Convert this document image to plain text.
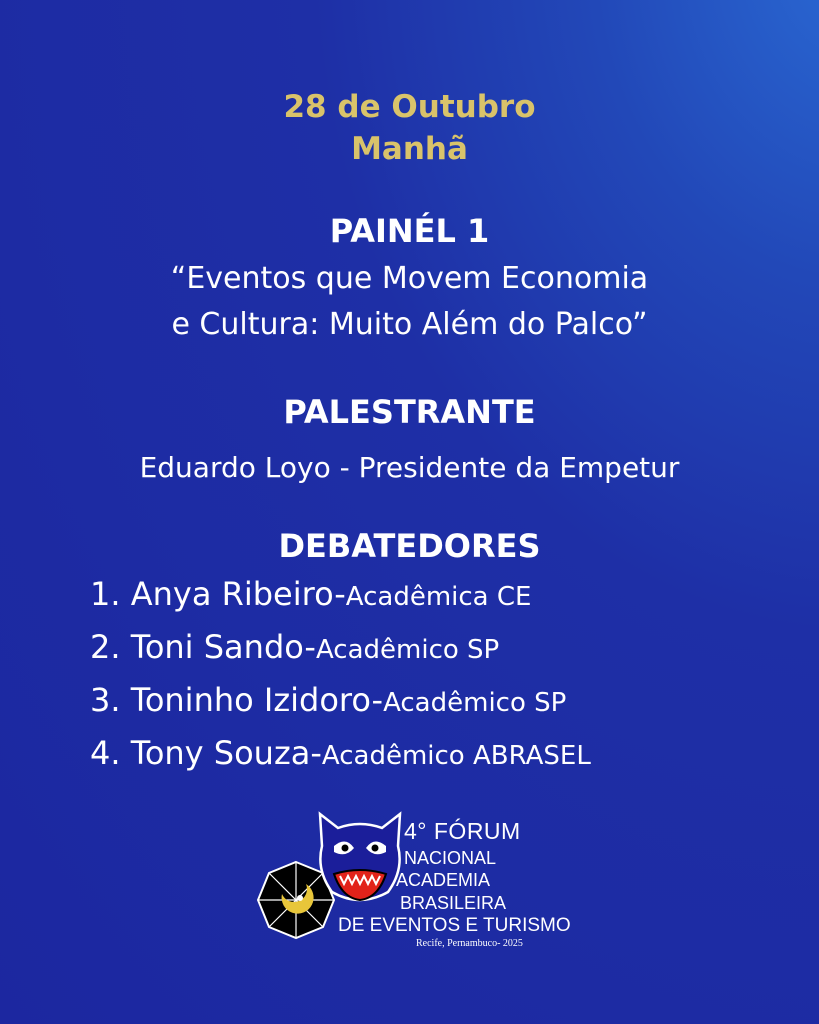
28 de Outubro
Manhã
PAINÉL 1
“Eventos que Movem Economia
e Cultura: Muito Além do Palco”
PALESTRANTE
Eduardo Loyo - Presidente da Empetur
DEBATEDORES
1. Anya Ribeiro-Acadêmica CE
2. Toni Sando-Acadêmico SP
3. Toninho Izidoro-Acadêmico SP
4. Tony Souza-Acadêmico ABRASEL
4° FÓRUM
NACIONAL
ACADEMIA
BRASILEIRA
DE EVENTOS E TURISMO
Recife, Pernambuco- 2025
